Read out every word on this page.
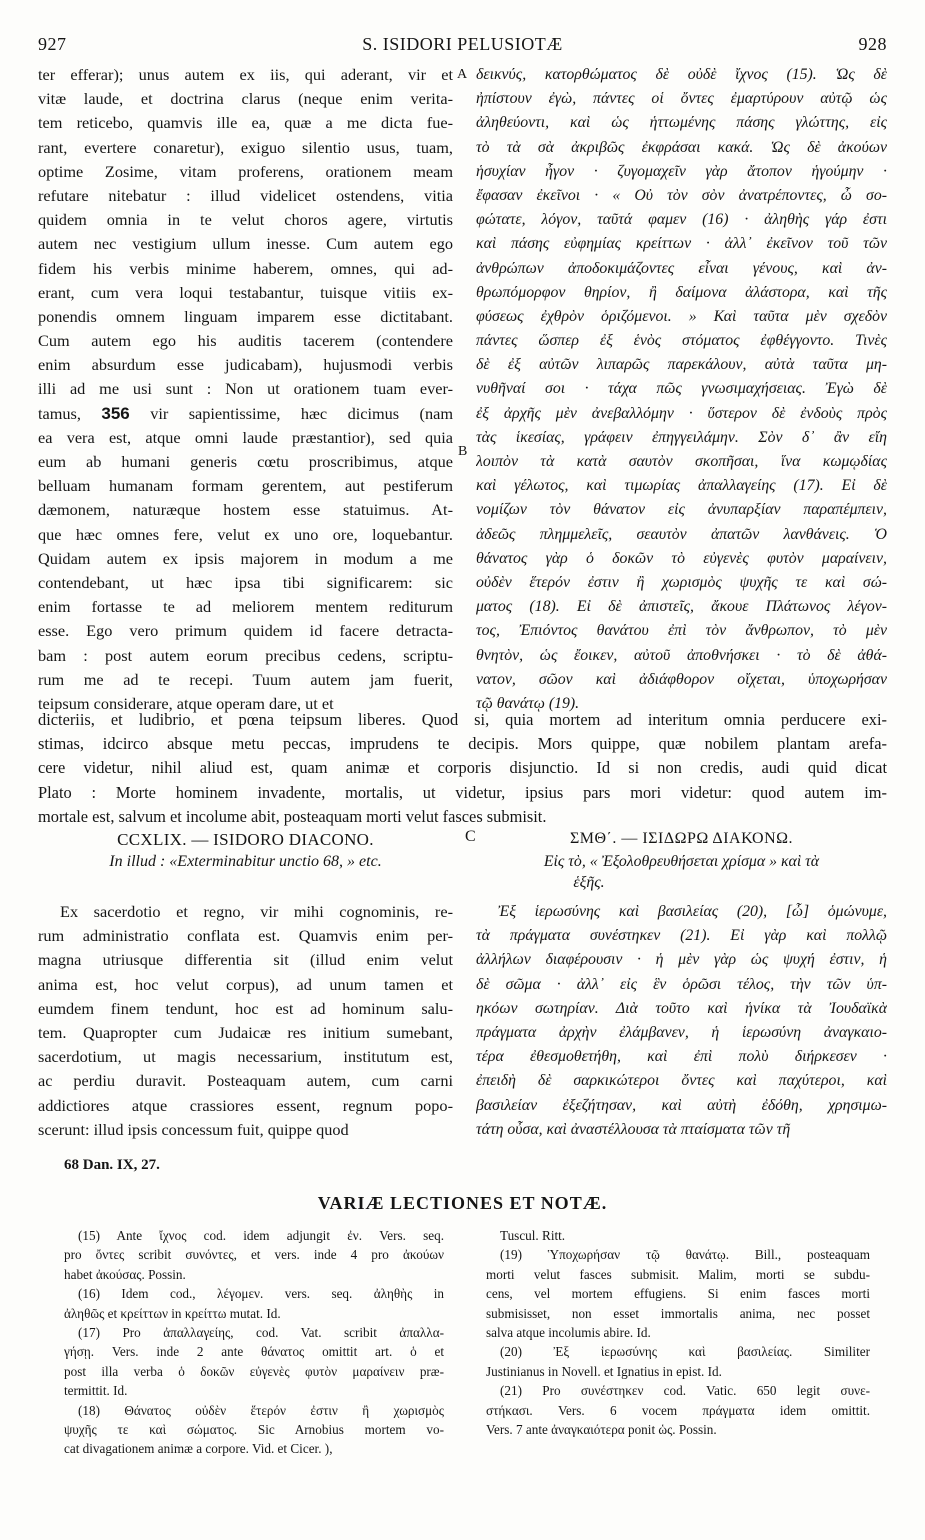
927	S. ISIDORI PELUSIOTÆ	928
ter efferar); unus autem ex iis, qui aderant, vir et
vitæ laude, et doctrina clarus (neque enim verita-
tem reticebo, quamvis ille ea, quæ a me dicta fue-
rant, evertere conaretur), exiguo silentio usus, tuam,
optime Zosime, vitam proferens, orationem meam
refutare nitebatur : illud videlicet ostendens, vitia
quidem omnia in te velut choros agere, virtutis
autem nec vestigium ullum inesse. Cum autem ego
fidem his verbis minime haberem, omnes, qui ad-
erant, cum vera loqui testabantur, tuisque vitiis ex-
ponendis omnem linguam imparem esse dictitabant.
Cum autem ego his auditis tacerem (contendere
enim absurdum esse judicabam), hujusmodi verbis
illi ad me usi sunt : Non ut orationem tuam ever-
tamus, 356 vir sapientissime, hæc dicimus (nam
ea vera est, atque omni laude præstantior), sed quia
eum ab humani generis cœtu proscribimus, atque
belluam humanam formam gerentem, aut pestiferum
dæmonem, naturæque hostem esse statuimus. At-
que hæc omnes fere, velut ex uno ore, loquebantur.
Quidam autem ex ipsis majorem in modum a me
contendebant, ut hæc ipsa tibi significarem: sic
enim fortasse te ad meliorem mentem rediturum
esse. Ego vero primum quidem id facere detracta-
bam : post autem eorum precibus cedens, scriptu-
rum me ad te recepi. Tuum autem jam fuerit,
teipsum considerare, atque operam dare, ut et
δεικνύς, κατορθώματος δὲ οὐδὲ ἴχνος (15). Ὡς δὲ
ἠπίστουν ἐγὼ, πάντες οἱ ὄντες ἐμαρτύρουν αὐτῷ ὡς
ἀληθεύοντι, καὶ ὡς ἡττωμένης πάσης γλώττης, εἰς
τὸ τὰ σὰ ἀκριβῶς ἐκφράσαι κακά. Ὡς δὲ ἀκούων
ἡσυχίαν ἦγον · ζυγομαχεῖν γὰρ ἄτοπον ἡγούμην ·
ἔφασαν ἐκεῖνοι · « Οὐ τὸν σὸν ἀνατρέποντες, ὦ σο-
φώτατε, λόγον, ταῦτά φαμεν (16) · ἀληθὴς γάρ ἐστι
καὶ πάσης εὐφημίας κρείττων · ἀλλ᾽ ἐκεῖνον τοῦ τῶν
ἀνθρώπων ἀποδοκιμάζοντες εἶναι γένους, καὶ ἀν-
θρωπόμορφον θηρίον, ἢ δαίμονα ἀλάστορα, καὶ τῆς
φύσεως ἐχθρὸν ὁριζόμενοι. » Καὶ ταῦτα μὲν σχεδὸν
πάντες ὥσπερ ἐξ ἑνὸς στόματος ἐφθέγγοντο. Τινὲς
δὲ ἐξ αὐτῶν λιπαρῶς παρεκάλουν, αὐτὰ ταῦτα μη-
νυθῆναί σοι · τάχα πῶς γνωσιμαχήσειας. Ἐγὼ δὲ
ἐξ ἀρχῆς μὲν ἀνεβαλλόμην · ὕστερον δὲ ἐνδοὺς πρὸς
τὰς ἱκεσίας, γράφειν ἐπηγγειλάμην. Σὸν δ᾽ ἂν εἴη
λοιπὸν τὰ κατὰ σαυτὸν σκοπῆσαι, ἵνα κωμῳδίας
καὶ γέλωτος, καὶ τιμωρίας ἀπαλλαγείης (17). Εἰ δὲ
νομίζων τὸν θάνατον εἰς ἀνυπαρξίαν παραπέμπειν,
ἀδεῶς πλημμελεῖς, σεαυτὸν ἀπατῶν λανθάνεις. Ὁ
θάνατος γὰρ ὁ δοκῶν τὸ εὐγενὲς φυτὸν μαραίνειν,
οὐδὲν ἕτερόν ἐστιν ἢ χωρισμὸς ψυχῆς τε καὶ σώ-
ματος (18). Εἰ δὲ ἀπιστεῖς, ἄκουε Πλάτωνος λέγον-
τος, Ἐπιόντος θανάτου ἐπὶ τὸν ἄνθρωπον, τὸ μὲν
θνητὸν, ὡς ἔοικεν, αὐτοῦ ἀποθνήσκει · τὸ δὲ ἀθά-
νατον, σῶον καὶ ἀδιάφθορον οἴχεται, ὑποχωρήσαν
τῷ θανάτῳ (19).
A
B
dicteriis, et ludibrio, et pœna teipsum liberes. Quod si, quia mortem ad interitum omnia perducere exi-
stimas, idcirco absque metu peccas, imprudens te decipis. Mors quippe, quæ nobilem plantam arefa-
cere videtur, nihil aliud est, quam animæ et corporis disjunctio. Id si non credis, audi quid dicat
Plato : Morte hominem invadente, mortalis, ut videtur, ipsius pars mori videtur: quod autem im-
mortale est, salvum et incolume abit, posteaquam morti velut fasces submisit.
CCXLIX. — ISIDORO DIACONO.	C	ΣΜΘ΄. — ΙΣΙΔΩΡΩ ΔΙΑΚΟΝΩ.
In illud : «Exterminabitur unctio 68, » etc.	Εἰς τὸ, « Ἐξολοθρευθήσεται χρίσμα » καὶ τὰ
ἑξῆς.
Ex sacerdotio et regno, vir mihi cognominis, re-
rum administratio conflata est. Quamvis enim per-
magna utriusque differentia sit (illud enim velut
anima est, hoc velut corpus), ad unum tamen et
eumdem finem tendunt, hoc est ad hominum salu-
tem. Quapropter cum Judaicæ res initium sumebant,
sacerdotium, ut magis necessarium, institutum est,
ac perdiu duravit. Posteaquam autem, cum carni
addictiores atque crassiores essent, regnum popo-
scerunt: illud ipsis concessum fuit, quippe quod
Ἐξ ἱερωσύνης καὶ βασιλείας (20), [ὦ] ὁμώνυμε,
τὰ πράγματα συνέστηκεν (21). Εἰ γὰρ καὶ πολλῷ
ἀλλήλων διαφέρουσιν · ἡ μὲν γὰρ ὡς ψυχή ἐστιν, ἡ
δὲ σῶμα · ἀλλ᾽ εἰς ἓν ὁρῶσι τέλος, τὴν τῶν ὑπ-
ηκόων σωτηρίαν. Διὰ τοῦτο καὶ ἡνίκα τὰ Ἰουδαϊκὰ
πράγματα ἀρχὴν ἐλάμβανεν, ἡ ἱερωσύνη ἀναγκαιο-
τέρα ἐθεσμοθετήθη, καὶ ἐπὶ πολὺ διήρκεσεν ·
ἐπειδὴ δὲ σαρκικώτεροι ὄντες καὶ παχύτεροι, καὶ
βασιλείαν ἐξεζήτησαν, καὶ αὐτὴ ἐδόθη, χρησιμω-
τάτη οὖσα, καὶ ἀναστέλλουσα τὰ πταίσματα τῶν τῆ
68 Dan. IX, 27.
VARIÆ LECTIONES ET NOTÆ.
(15) Ante ἴχνος cod. idem adjungit ἐν. Vers. seq.
pro ὄντες scribit συνόντες, et vers. inde 4 pro ἀκούων
habet ἀκούσας. Possin.
(16) Idem cod., λέγομεν. vers. seq. ἀληθὴς in
ἀληθῶς et κρείττων in κρείττω mutat. Id.
(17) Pro ἀπαλλαγείης, cod. Vat. scribit ἀπαλλα-
γήσῃ. Vers. inde 2 ante θάνατος omittit art. ὁ et
post illa verba ὁ δοκῶν εὐγενὲς φυτὸν μαραίνειν præ-
termittit. Id.
(18) Θάνατος οὐδὲν ἕτερόν ἐστιν ἢ χωρισμὸς
ψυχῆς τε καὶ σώματος. Sic Arnobius mortem vo-
cat divagationem animæ a corpore. Vid. et Cicer. ),
Tuscul. Ritt.
(19) Ὑποχωρήσαν τῷ θανάτῳ. Bill., posteaquam
morti velut fasces submisit. Malim, morti se subdu-
cens, vel mortem effugiens. Si enim fasces morti
submisisset, non esset immortalis anima, nec posset
salva atque incolumis abire. Id.
(20) Ἐξ ἱερωσύνης καὶ βασιλείας. Similiter
Justinianus in Novell. et Ignatius in epist. Id.
(21) Pro συνέστηκεν cod. Vatic. 650 legit συνε-
στήκασι. Vers. 6 vocem πράγματα idem omittit.
Vers. 7 ante ἀναγκαιότερα ponit ὡς. Possin.
